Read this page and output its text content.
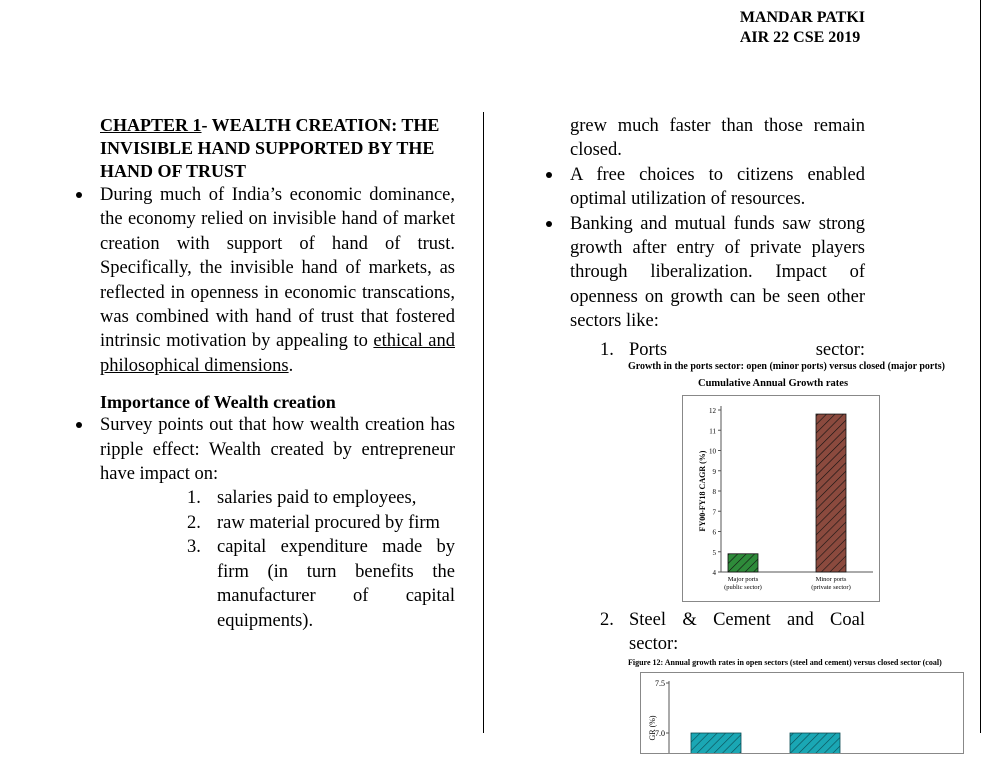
MANDAR PATKI
AIR 22 CSE 2019

CHAPTER 1- WEALTH CREATION: THE INVISIBLE HAND SUPPORTED BY THE HAND OF TRUST

During much of India’s economic dominance, the economy relied on invisible hand of market creation with support of hand of trust. Specifically, the invisible hand of markets, as reflected in openness in economic transcations, was combined with hand of trust that fostered intrinsic motivation by appealing to ethical and philosophical dimensions.
Importance of Wealth creation
Survey points out that how wealth creation has ripple effect: Wealth created by entrepreneur have impact on:
1. salaries paid to employees,
2. raw material procured by firm
3. capital expenditure made by firm (in turn benefits the manufacturer of capital equipments).
grew much faster than those remain closed.
A free choices to citizens enabled optimal utilization of resources.
Banking and mutual funds saw strong growth after entry of private players through liberalization. Impact of openness on growth can be seen other sectors like:
1. Ports	sector:
Growth in the ports sector: open (minor ports) versus closed (major ports)
Cumulative Annual Growth rates
12
11
10
9
8
7
6
5
4
FY00-FY18 CAGR (%)
Major ports
(public sector)
Minor ports
(private sector)
2. Steel & Cement and Coal sector:
Figure 12: Annual growth rates in open sectors (steel and cement) versus closed sector (coal)
7.5
7.0
GR (%)
